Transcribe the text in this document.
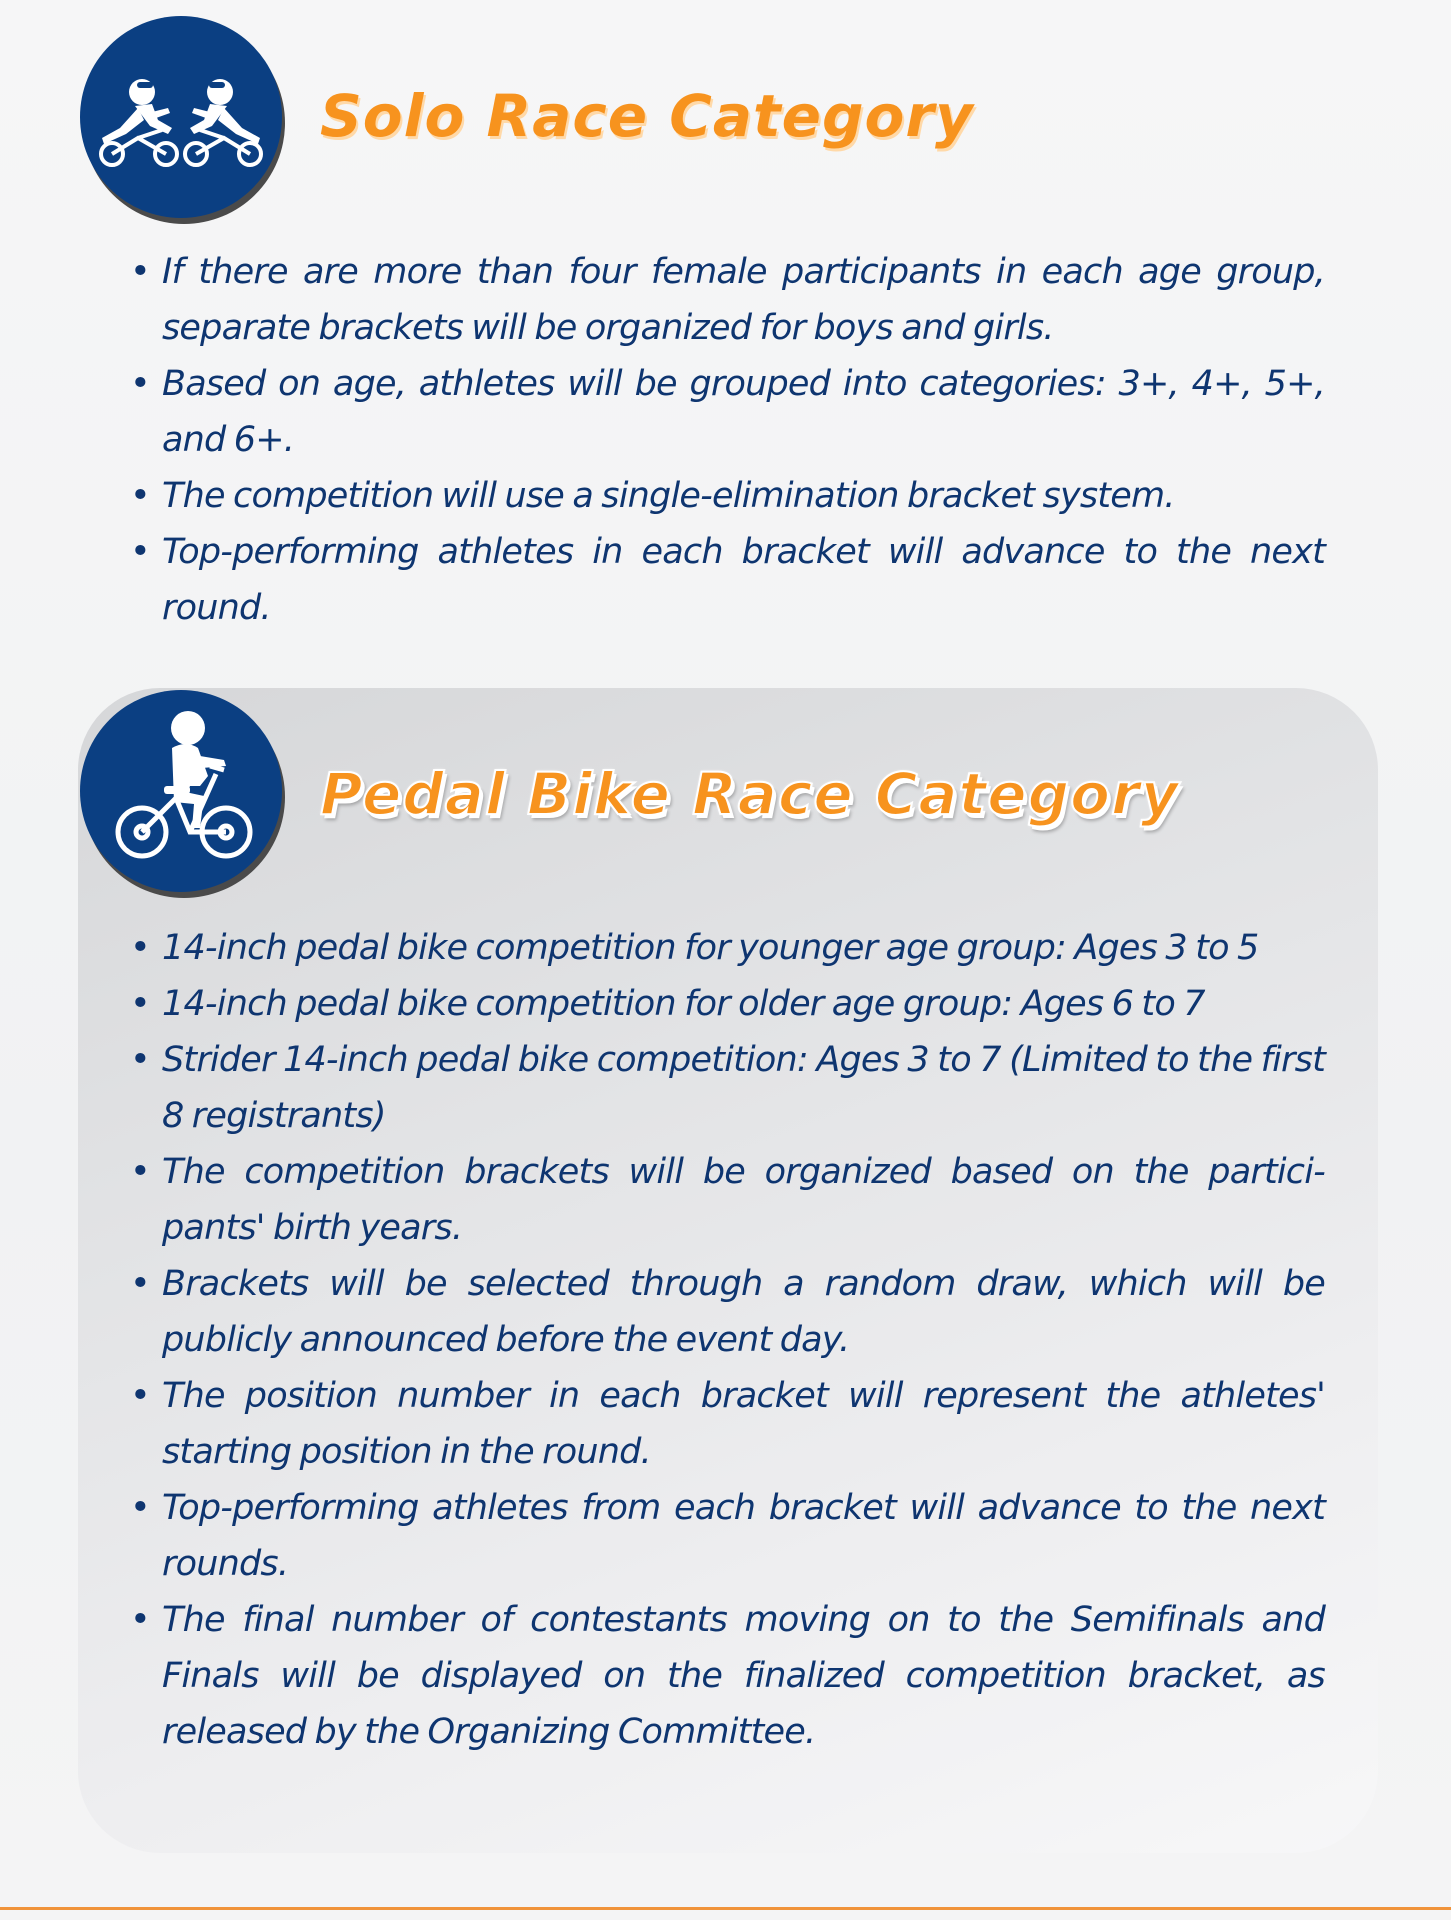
Solo Race Category
• If there are more than four female participants in each age group, separate brackets will be organized for boys and girls.
• Based on age, athletes will be grouped into categories: 3+, 4+, 5+, and 6+.
• The competition will use a single-elimination bracket system.
• Top-performing athletes in each bracket will advance to the next round.
Pedal Bike Race Category
• 14-inch pedal bike competition for younger age group: Ages 3 to 5
• 14-inch pedal bike competition for older age group: Ages 6 to 7
• Strider 14-inch pedal bike competition: Ages 3 to 7 (Limited to the first 8 registrants)
• The competition brackets will be organized based on the partici-pants' birth years.
• Brackets will be selected through a random draw, which will be publicly announced before the event day.
• The position number in each bracket will represent the athletes' starting position in the round.
• Top-performing athletes from each bracket will advance to the next rounds.
• The final number of contestants moving on to the Semifinals and Finals will be displayed on the finalized competition bracket, as released by the Organizing Committee.
